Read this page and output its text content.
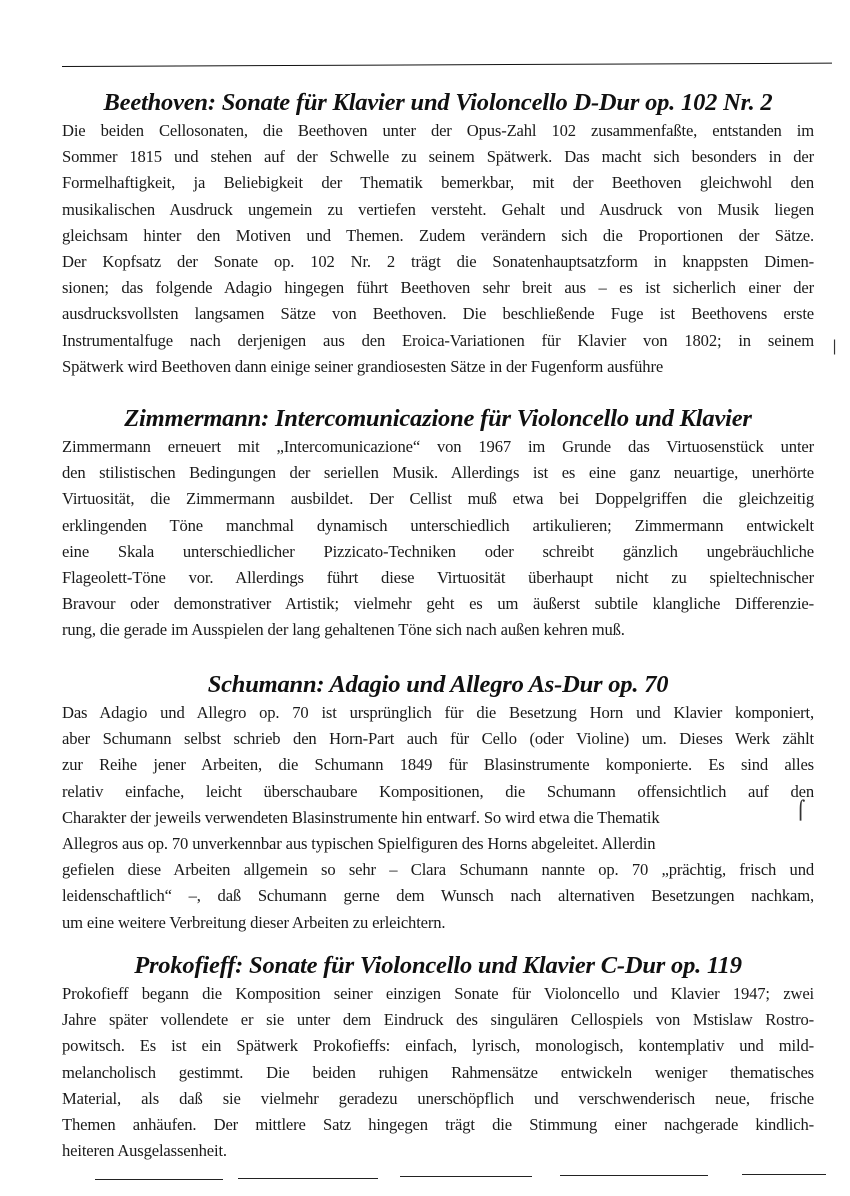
Beethoven: Sonate für Klavier und Violoncello D-Dur op. 102 Nr. 2

Die beiden Cellosonaten, die Beethoven unter der Opus-Zahl 102 zusammenfaßte, entstanden im
Sommer 1815 und stehen auf der Schwelle zu seinem Spätwerk. Das macht sich besonders in der
Formelhaftigkeit, ja Beliebigkeit der Thematik bemerkbar, mit der Beethoven gleichwohl den
musikalischen Ausdruck ungemein zu vertiefen versteht. Gehalt und Ausdruck von Musik liegen
gleichsam hinter den Motiven und Themen. Zudem verändern sich die Proportionen der Sätze.
Der Kopfsatz der Sonate op. 102 Nr. 2 trägt die Sonatenhauptsatzform in knappsten Dimen-
sionen; das folgende Adagio hingegen führt Beethoven sehr breit aus – es ist sicherlich einer der
ausdrucksvollsten langsamen Sätze von Beethoven. Die beschließende Fuge ist Beethovens erste
Instrumentalfuge nach derjenigen aus den Eroica-Variationen für Klavier von 1802; in seinem
Spätwerk wird Beethoven dann einige seiner grandiosesten Sätze in der Fugenform ausführe

|
Zimmermann: Intercomunicazione für Violoncello und Klavier

Zimmermann erneuert mit „Intercomunicazione“ von 1967 im Grunde das Virtuosenstück unter
den stilistischen Bedingungen der seriellen Musik. Allerdings ist es eine ganz neuartige, unerhörte
Virtuosität, die Zimmermann ausbildet. Der Cellist muß etwa bei Doppelgriffen die gleichzeitig
erklingenden Töne manchmal dynamisch unterschiedlich artikulieren; Zimmermann entwickelt
eine Skala unterschiedlicher Pizzicato-Techniken oder schreibt gänzlich ungebräuchliche
Flageolett-Töne vor. Allerdings führt diese Virtuosität überhaupt nicht zu spieltechnischer
Bravour oder demonstrativer Artistik; vielmehr geht es um äußerst subtile klangliche Differenzie-
rung, die gerade im Ausspielen der lang gehaltenen Töne sich nach außen kehren muß.

Schumann: Adagio und Allegro As-Dur op. 70

Das Adagio und Allegro op. 70 ist ursprünglich für die Besetzung Horn und Klavier komponiert,
aber Schumann selbst schrieb den Horn-Part auch für Cello (oder Violine) um. Dieses Werk zählt
zur Reihe jener Arbeiten, die Schumann 1849 für Blasinstrumente komponierte. Es sind alles
relativ einfache, leicht überschaubare Kompositionen, die Schumann offensichtlich auf den
Charakter der jeweils verwendeten Blasinstrumente hin entwarf. So wird etwa die Thematik
Allegros aus op. 70 unverkennbar aus typischen Spielfiguren des Horns abgeleitet. Allerdin
gefielen diese Arbeiten allgemein so sehr – Clara Schumann nannte op. 70 „prächtig, frisch und
leidenschaftlich“ –, daß Schumann gerne dem Wunsch nach alternativen Besetzungen nachkam,
um eine weitere Verbreitung dieser Arbeiten zu erleichtern.

⌠
Prokofieff: Sonate für Violoncello und Klavier C-Dur op. 119

Prokofieff begann die Komposition seiner einzigen Sonate für Violoncello und Klavier 1947; zwei
Jahre später vollendete er sie unter dem Eindruck des singulären Cellospiels von Mstislaw Rostro-
powitsch. Es ist ein Spätwerk Prokofieffs: einfach, lyrisch, monologisch, kontemplativ und mild-
melancholisch gestimmt. Die beiden ruhigen Rahmensätze entwickeln weniger thematisches
Material, als daß sie vielmehr geradezu unerschöpflich und verschwenderisch neue, frische
Themen anhäufen. Der mittlere Satz hingegen trägt die Stimmung einer nachgerade kindlich-
heiteren Ausgelassenheit.
